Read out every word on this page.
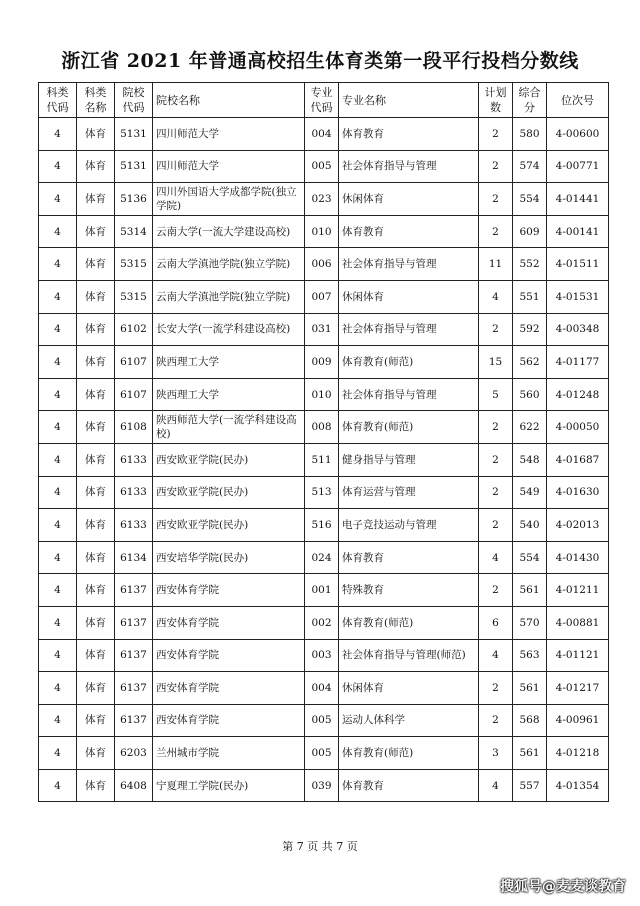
浙江省 2021 年普通高校招生体育类第一段平行投档分数线
科类代码	科类名称	院校代码	院校名称	专业代码	专业名称	计划数	综合分	位次号
4	体育	5131	四川师范大学	004	体育教育	2	580	4-00600
4	体育	5131	四川师范大学	005	社会体育指导与管理	2	574	4-00771
4	体育	5136	四川外国语大学成都学院(独立学院)	023	休闲体育	2	554	4-01441
4	体育	5314	云南大学(一流大学建设高校)	010	体育教育	2	609	4-00141
4	体育	5315	云南大学滇池学院(独立学院)	006	社会体育指导与管理	11	552	4-01511
4	体育	5315	云南大学滇池学院(独立学院)	007	休闲体育	4	551	4-01531
4	体育	6102	长安大学(一流学科建设高校)	031	社会体育指导与管理	2	592	4-00348
4	体育	6107	陕西理工大学	009	体育教育(师范)	15	562	4-01177
4	体育	6107	陕西理工大学	010	社会体育指导与管理	5	560	4-01248
4	体育	6108	陕西师范大学(一流学科建设高校)	008	体育教育(师范)	2	622	4-00050
4	体育	6133	西安欧亚学院(民办)	511	健身指导与管理	2	548	4-01687
4	体育	6133	西安欧亚学院(民办)	513	体育运营与管理	2	549	4-01630
4	体育	6133	西安欧亚学院(民办)	516	电子竞技运动与管理	2	540	4-02013
4	体育	6134	西安培华学院(民办)	024	体育教育	4	554	4-01430
4	体育	6137	西安体育学院	001	特殊教育	2	561	4-01211
4	体育	6137	西安体育学院	002	体育教育(师范)	6	570	4-00881
4	体育	6137	西安体育学院	003	社会体育指导与管理(师范)	4	563	4-01121
4	体育	6137	西安体育学院	004	休闲体育	2	561	4-01217
4	体育	6137	西安体育学院	005	运动人体科学	2	568	4-00961
4	体育	6203	兰州城市学院	005	体育教育(师范)	3	561	4-01218
4	体育	6408	宁夏理工学院(民办)	039	体育教育	4	557	4-01354
第 7 页 共 7 页
搜狐号@麦麦谈教育
